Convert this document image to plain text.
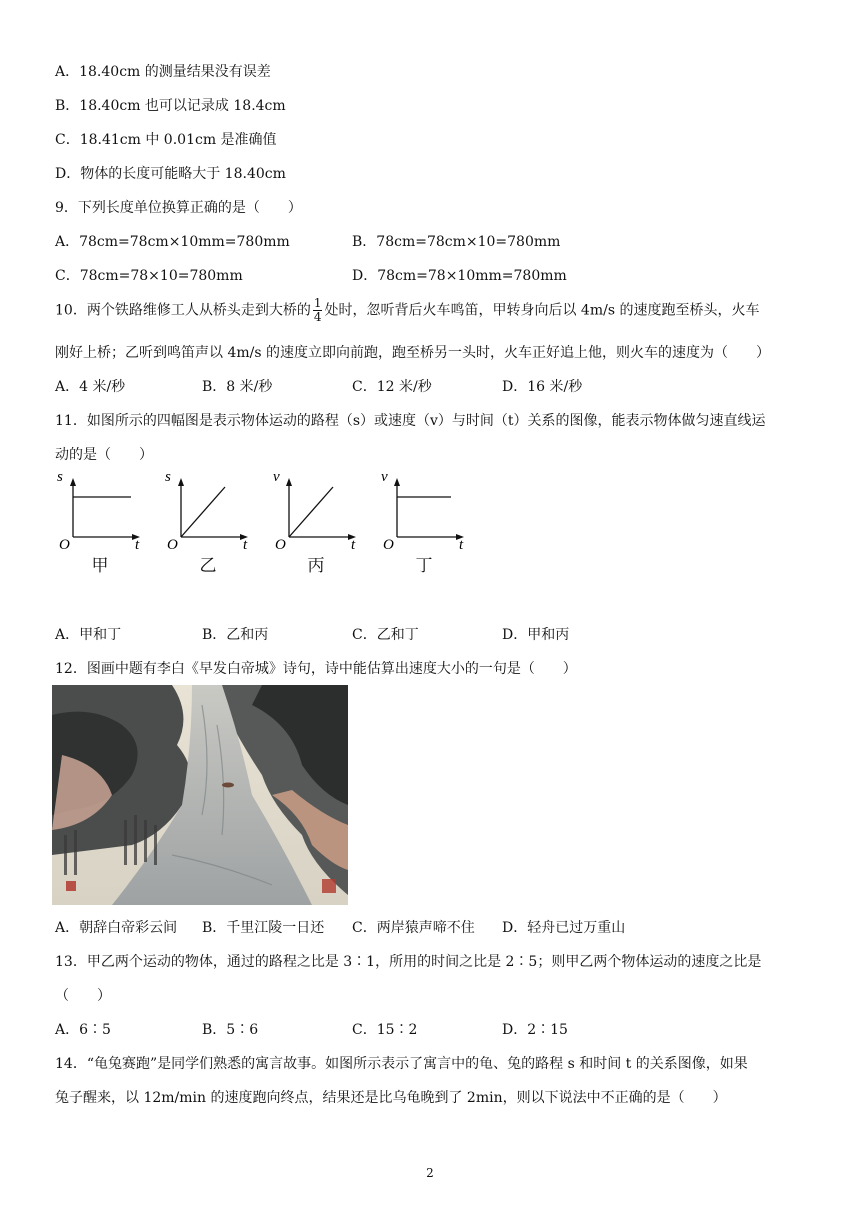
A．18.40cm 的测量结果没有误差
B．18.40cm 也可以记录成 18.4cm
C．18.41cm 中 0.01cm 是准确值
D．物体的长度可能略大于 18.40cm
9．下列长度单位换算正确的是（　　）
A．78cm=78cm×10mm=780mm	B．78cm=78cm×10=780mm
C．78cm=78×10=780mm	D．78cm=78×10mm=780mm
10．两个铁路维修工人从桥头走到大桥的 $\frac{1}{4}$ 处时，忽听背后火车鸣笛，甲转身向后以 4m/s 的速度跑至桥头，火车
刚好上桥；乙听到鸣笛声以 4m/s 的速度立即向前跑，跑至桥另一头时，火车正好追上他，则火车的速度为（　　）
A．4 米/秒	B．8 米/秒	C．12 米/秒	D．16 米/秒
11．如图所示的四幅图是表示物体运动的路程（s）或速度（v）与时间（t）关系的图像，能表示物体做匀速直线运
动的是（　　）
s
O	t
甲
s
O	t
乙
v
O	t
丙
v
O	t
丁
A．甲和丁	B．乙和丙	C．乙和丁	D．甲和丙
12．图画中题有李白《早发白帝城》诗句，诗中能估算出速度大小的一句是（　　）
A．朝辞白帝彩云间 B．千里江陵一日还 C．两岸猿声啼不住 D．轻舟已过万重山
13．甲乙两个运动的物体，通过的路程之比是 3∶1，所用的时间之比是 2∶5；则甲乙两个物体运动的速度之比是
（　　）
A．6∶5	B．5∶6	C．15∶2	D．2∶15
14．“龟兔赛跑”是同学们熟悉的寓言故事。如图所示表示了寓言中的龟、兔的路程 s 和时间 t 的关系图像，如果
兔子醒来，以 12m/min 的速度跑向终点，结果还是比乌龟晚到了 2min，则以下说法中不正确的是（　　）
2
